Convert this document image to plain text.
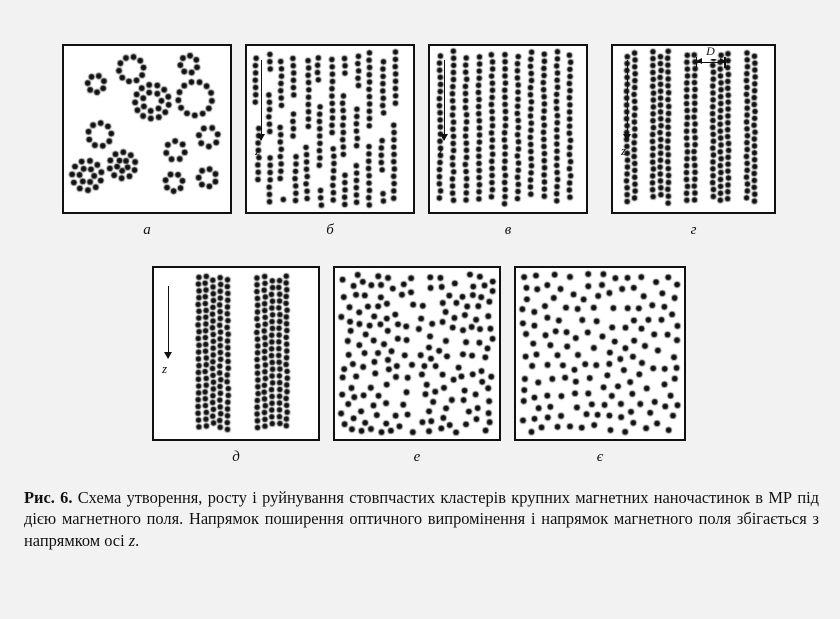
а
z
б
z
в
z
D
г
z
д	е	є
Рис. 6. Схема утворення, росту і руйнування стовпчастих кластерів крупних магнетних наночастинок в МР під дією магнетного поля. Напрямок поширення оптичного випромінення і напрямок магнетного поля збігається з напрямком осі z.
